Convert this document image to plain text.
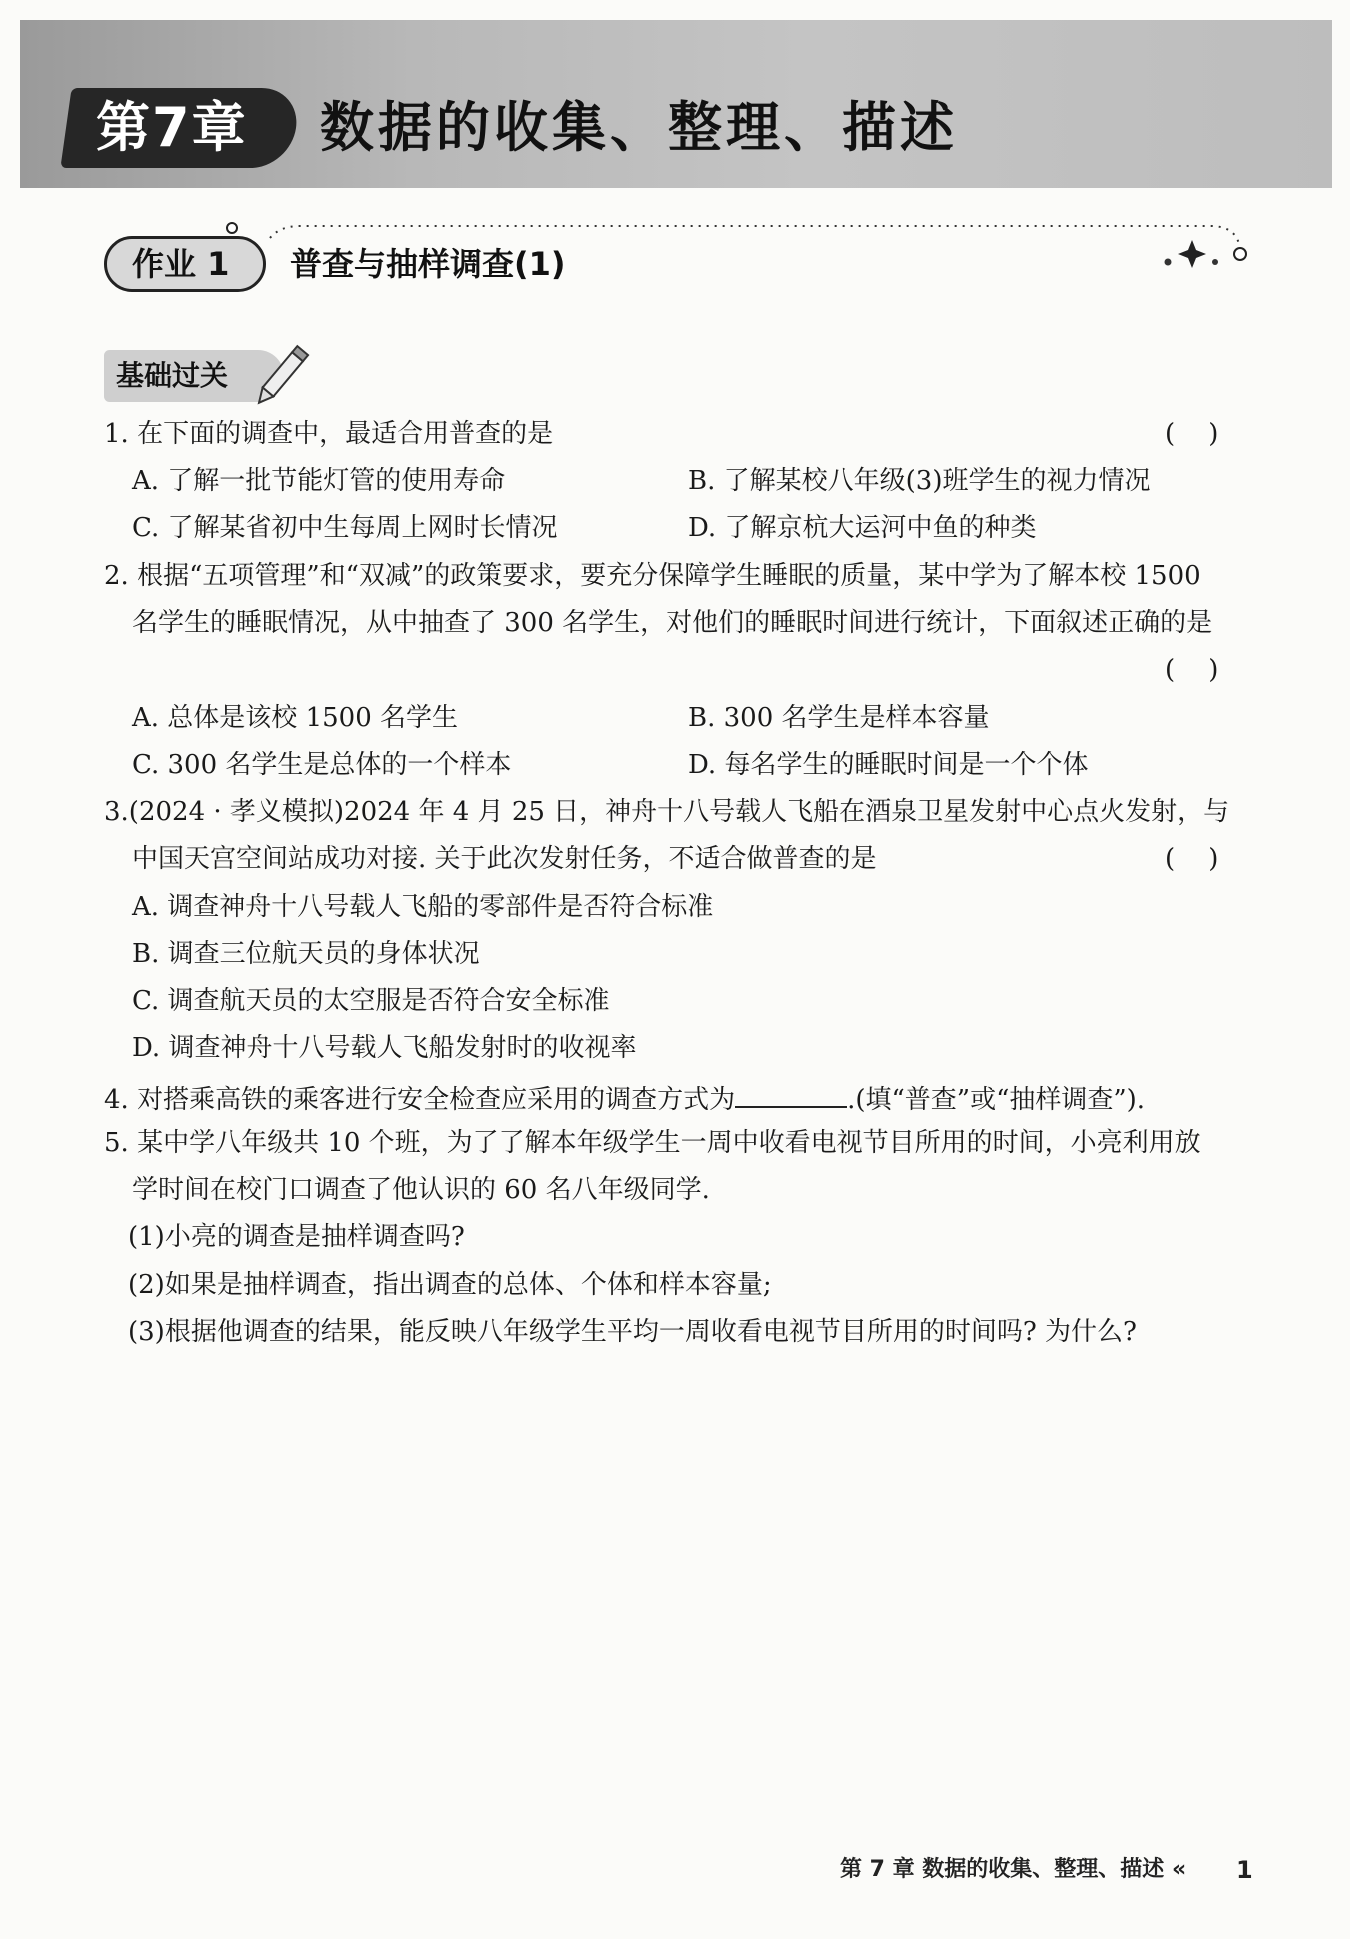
第7章 数据的收集、整理、描述
作业 1 普查与抽样调查(1)
基础过关
1. 在下面的调查中，最适合用普查的是	(    )
A. 了解一批节能灯管的使用寿命	B. 了解某校八年级(3)班学生的视力情况
C. 了解某省初中生每周上网时长情况	D. 了解京杭大运河中鱼的种类
2. 根据“五项管理”和“双减”的政策要求，要充分保障学生睡眠的质量，某中学为了解本校 1500
名学生的睡眠情况，从中抽查了 300 名学生，对他们的睡眠时间进行统计，下面叙述正确的是
(    )
A. 总体是该校 1500 名学生	B. 300 名学生是样本容量
C. 300 名学生是总体的一个样本	D. 每名学生的睡眠时间是一个个体
3.(2024 · 孝义模拟)2024 年 4 月 25 日，神舟十八号载人飞船在酒泉卫星发射中心点火发射，与
中国天宫空间站成功对接. 关于此次发射任务，不适合做普查的是	(    )
A. 调查神舟十八号载人飞船的零部件是否符合标准
B. 调查三位航天员的身体状况
C. 调查航天员的太空服是否符合安全标准
D. 调查神舟十八号载人飞船发射时的收视率
4. 对搭乘高铁的乘客进行安全检查应采用的调查方式为	.(填“普查”或“抽样调查”).
5. 某中学八年级共 10 个班，为了了解本年级学生一周中收看电视节目所用的时间，小亮利用放
学时间在校门口调查了他认识的 60 名八年级同学.
(1)小亮的调查是抽样调查吗?
(2)如果是抽样调查，指出调查的总体、个体和样本容量;
(3)根据他调查的结果，能反映八年级学生平均一周收看电视节目所用的时间吗? 为什么?
第 7 章 数据的收集、整理、描述 « 1
